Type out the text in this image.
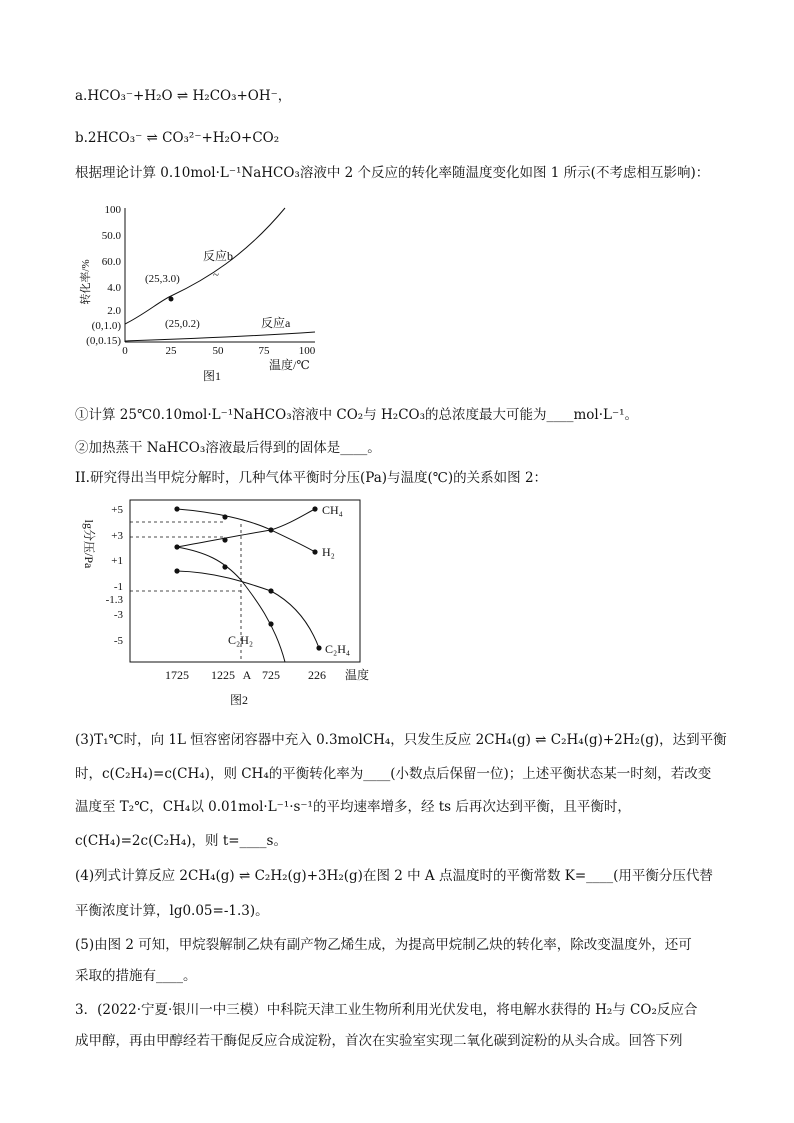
a.HCO₃⁻+H₂O ⇌ H₂CO₃+OH⁻，
b.2HCO₃⁻ ⇌ CO₃²⁻+H₂O+CO₂
根据理论计算 0.10mol·L⁻¹NaHCO₃溶液中 2 个反应的转化率随温度变化如图 1 所示(不考虑相互影响)：
100
50.0
60.0
4.0
2.0
(0,1.0)
(0,0.15)
0	25	50	75	100
转化率/%
反应b
~
(25,3.0)
(25,0.2)	反应a
温度/℃
图1
①计算 25℃0.10mol·L⁻¹NaHCO₃溶液中 CO₂与 H₂CO₃的总浓度最大可能为____mol·L⁻¹。
②加热蒸干 NaHCO₃溶液最后得到的固体是____。
II.研究得出当甲烷分解时，几种气体平衡时分压(Pa)与温度(℃)的关系如图 2：
lg分压/Pa
+5
+3
+1
-1
-1.3
-3
-5
CH₄
H₂
C₂H₂
C₂H₄
1725 1225 A 725 226 温度
图2
(3)T₁℃时，向 1L 恒容密闭容器中充入 0.3molCH₄，只发生反应 2CH₄(g) ⇌ C₂H₄(g)+2H₂(g)，达到平衡
时，c(C₂H₄)=c(CH₄)，则 CH₄的平衡转化率为____(小数点后保留一位)；上述平衡状态某一时刻，若改变
温度至 T₂℃，CH₄以 0.01mol·L⁻¹·s⁻¹的平均速率增多，经 ts 后再次达到平衡，且平衡时，
c(CH₄)=2c(C₂H₄)，则 t=____s。
(4)列式计算反应 2CH₄(g) ⇌ C₂H₂(g)+3H₂(g)在图 2 中 A 点温度时的平衡常数 K=____(用平衡分压代替
平衡浓度计算，lg0.05=-1.3)。
(5)由图 2 可知，甲烷裂解制乙炔有副产物乙烯生成，为提高甲烷制乙炔的转化率，除改变温度外，还可
采取的措施有____。
3．(2022·宁夏·银川一中三模）中科院天津工业生物所利用光伏发电，将电解水获得的 H₂与 CO₂反应合
成甲醇，再由甲醇经若干酶促反应合成淀粉，首次在实验室实现二氧化碳到淀粉的从头合成。回答下列
